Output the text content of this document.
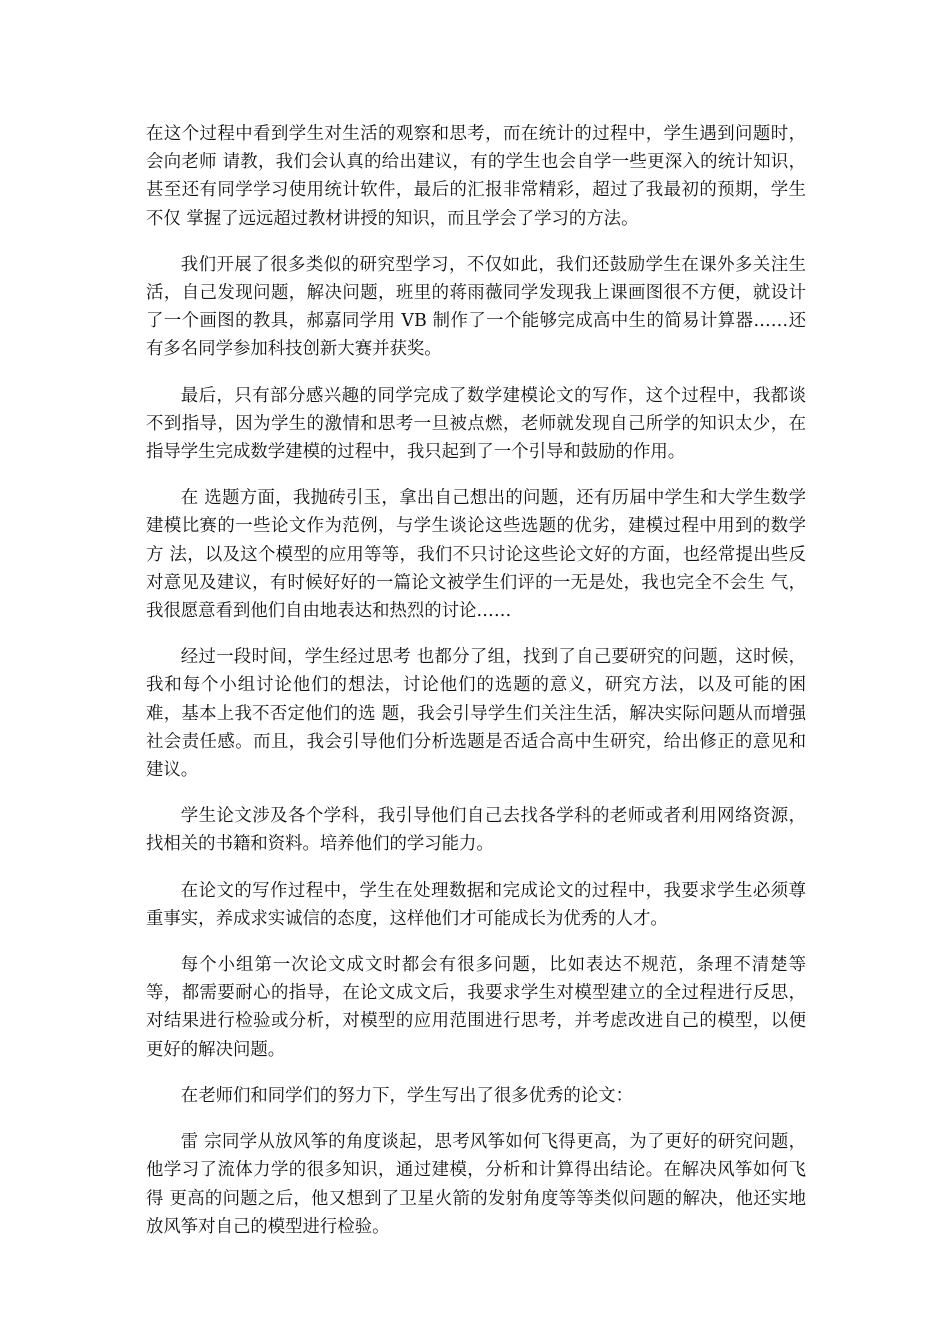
在这个过程中看到学生对生活的观察和思考，而在统计的过程中，学生遇到问题时，会向老师 请教，我们会认真的给出建议，有的学生也会自学一些更深入的统计知识，甚至还有同学学习使用统计软件，最后的汇报非常精彩，超过了我最初的预期，学生不仅 掌握了远远超过教材讲授的知识，而且学会了学习的方法。

我们开展了很多类似的研究型学习，不仅如此，我们还鼓励学生在课外多关注生活，自己发现问题，解决问题，班里的蒋雨薇同学发现我上课画图很不方便，就设计了一个画图的教具，郝嘉同学用 VB 制作了一个能够完成高中生的简易计算器……还有多名同学参加科技创新大赛并获奖。

最后，只有部分感兴趣的同学完成了数学建模论文的写作，这个过程中，我都谈不到指导，因为学生的激情和思考一旦被点燃，老师就发现自己所学的知识太少，在指导学生完成数学建模的过程中，我只起到了一个引导和鼓励的作用。

在 选题方面，我抛砖引玉，拿出自己想出的问题，还有历届中学生和大学生数学建模比赛的一些论文作为范例，与学生谈论这些选题的优劣，建模过程中用到的数学方 法，以及这个模型的应用等等，我们不只讨论这些论文好的方面，也经常提出些反对意见及建议，有时候好好的一篇论文被学生们评的一无是处，我也完全不会生 气，我很愿意看到他们自由地表达和热烈的讨论……

经过一段时间，学生经过思考 也都分了组，找到了自己要研究的问题，这时候，我和每个小组讨论他们的想法，讨论他们的选题的意义，研究方法，以及可能的困难，基本上我不否定他们的选 题，我会引导学生们关注生活，解决实际问题从而增强社会责任感。而且，我会引导他们分析选题是否适合高中生研究，给出修正的意见和建议。

学生论文涉及各个学科，我引导他们自己去找各学科的老师或者利用网络资源，找相关的书籍和资料。培养他们的学习能力。

在论文的写作过程中，学生在处理数据和完成论文的过程中，我要求学生必须尊重事实，养成求实诚信的态度，这样他们才可能成长为优秀的人才。

每个小组第一次论文成文时都会有很多问题，比如表达不规范，条理不清楚等等，都需要耐心的指导，在论文成文后，我要求学生对模型建立的全过程进行反思，对结果进行检验或分析，对模型的应用范围进行思考，并考虑改进自己的模型，以便更好的解决问题。

在老师们和同学们的努力下，学生写出了很多优秀的论文：

雷 宗同学从放风筝的角度谈起，思考风筝如何飞得更高，为了更好的研究问题，他学习了流体力学的很多知识，通过建模，分析和计算得出结论。在解决风筝如何飞得 更高的问题之后，他又想到了卫星火箭的发射角度等等类似问题的解决，他还实地放风筝对自己的模型进行检验。
